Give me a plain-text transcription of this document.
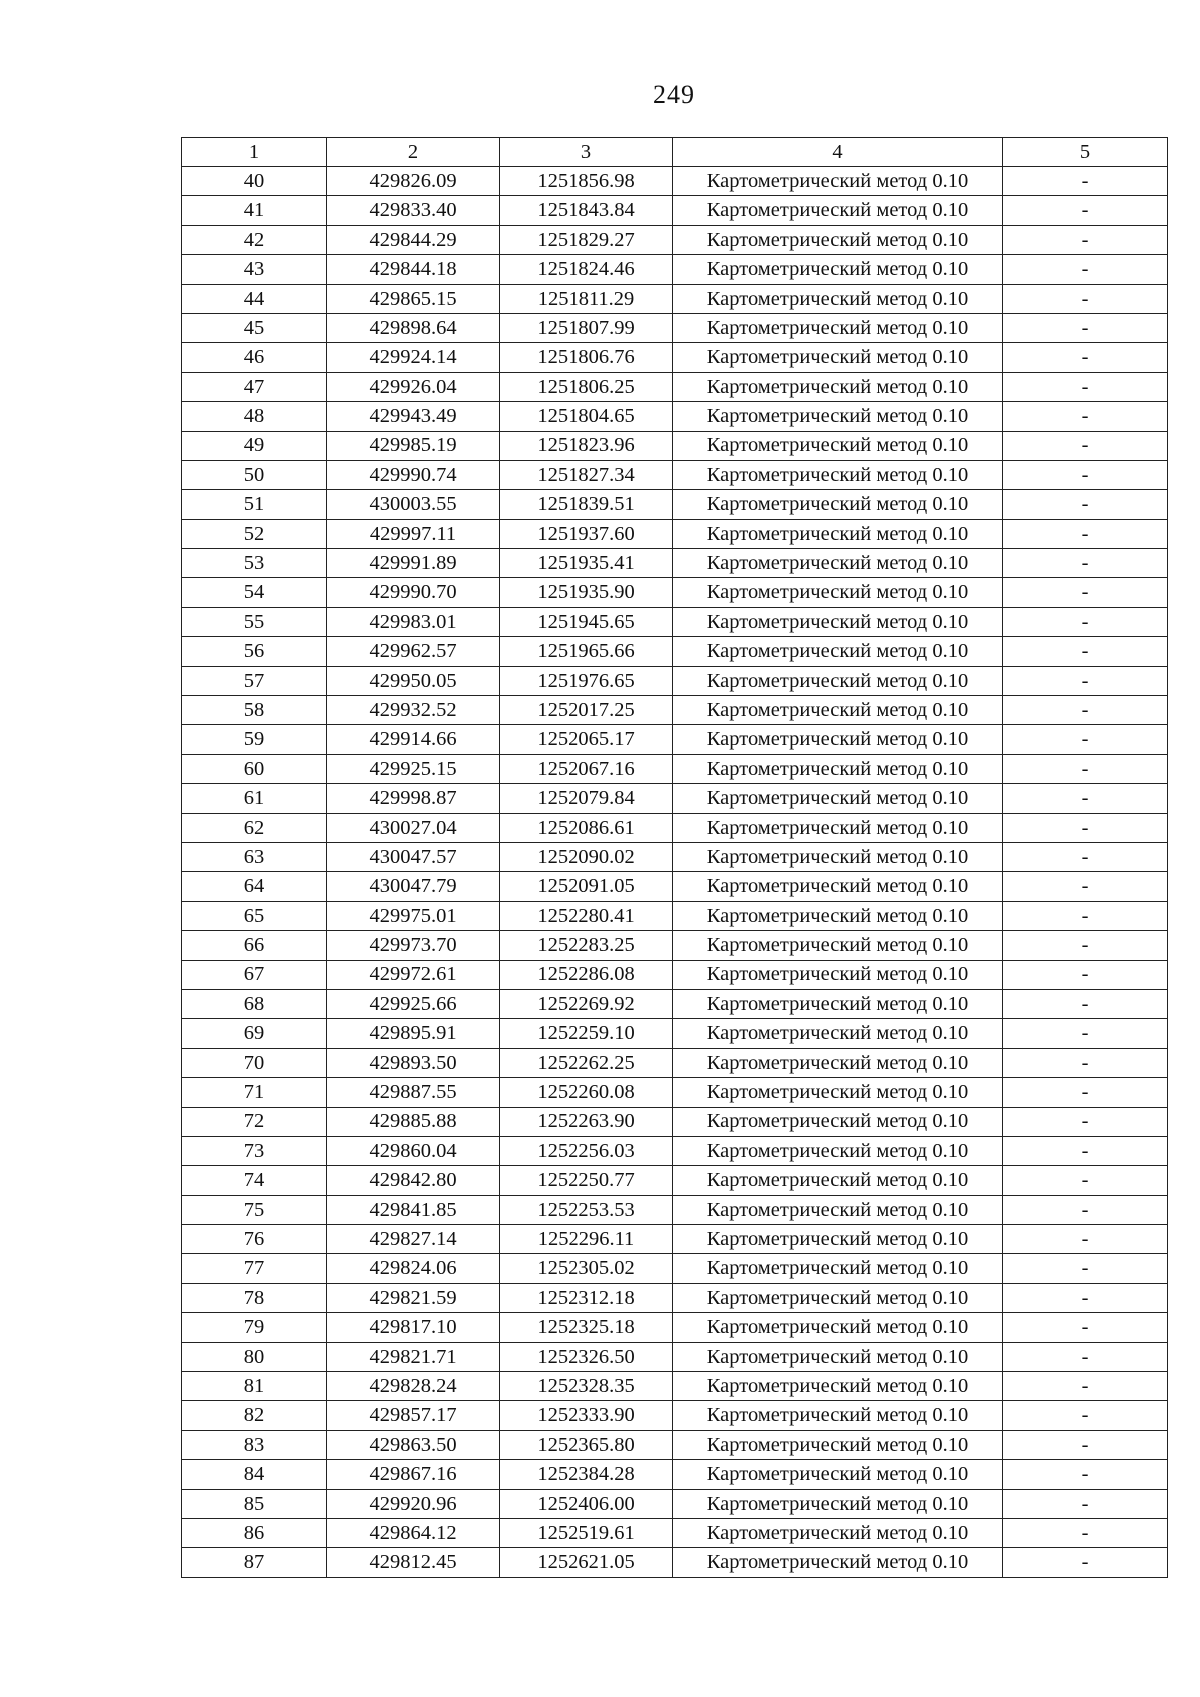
249
1	2	3	4	5
40	429826.09	1251856.98	Картометрический метод 0.10	-
41	429833.40	1251843.84	Картометрический метод 0.10	-
42	429844.29	1251829.27	Картометрический метод 0.10	-
43	429844.18	1251824.46	Картометрический метод 0.10	-
44	429865.15	1251811.29	Картометрический метод 0.10	-
45	429898.64	1251807.99	Картометрический метод 0.10	-
46	429924.14	1251806.76	Картометрический метод 0.10	-
47	429926.04	1251806.25	Картометрический метод 0.10	-
48	429943.49	1251804.65	Картометрический метод 0.10	-
49	429985.19	1251823.96	Картометрический метод 0.10	-
50	429990.74	1251827.34	Картометрический метод 0.10	-
51	430003.55	1251839.51	Картометрический метод 0.10	-
52	429997.11	1251937.60	Картометрический метод 0.10	-
53	429991.89	1251935.41	Картометрический метод 0.10	-
54	429990.70	1251935.90	Картометрический метод 0.10	-
55	429983.01	1251945.65	Картометрический метод 0.10	-
56	429962.57	1251965.66	Картометрический метод 0.10	-
57	429950.05	1251976.65	Картометрический метод 0.10	-
58	429932.52	1252017.25	Картометрический метод 0.10	-
59	429914.66	1252065.17	Картометрический метод 0.10	-
60	429925.15	1252067.16	Картометрический метод 0.10	-
61	429998.87	1252079.84	Картометрический метод 0.10	-
62	430027.04	1252086.61	Картометрический метод 0.10	-
63	430047.57	1252090.02	Картометрический метод 0.10	-
64	430047.79	1252091.05	Картометрический метод 0.10	-
65	429975.01	1252280.41	Картометрический метод 0.10	-
66	429973.70	1252283.25	Картометрический метод 0.10	-
67	429972.61	1252286.08	Картометрический метод 0.10	-
68	429925.66	1252269.92	Картометрический метод 0.10	-
69	429895.91	1252259.10	Картометрический метод 0.10	-
70	429893.50	1252262.25	Картометрический метод 0.10	-
71	429887.55	1252260.08	Картометрический метод 0.10	-
72	429885.88	1252263.90	Картометрический метод 0.10	-
73	429860.04	1252256.03	Картометрический метод 0.10	-
74	429842.80	1252250.77	Картометрический метод 0.10	-
75	429841.85	1252253.53	Картометрический метод 0.10	-
76	429827.14	1252296.11	Картометрический метод 0.10	-
77	429824.06	1252305.02	Картометрический метод 0.10	-
78	429821.59	1252312.18	Картометрический метод 0.10	-
79	429817.10	1252325.18	Картометрический метод 0.10	-
80	429821.71	1252326.50	Картометрический метод 0.10	-
81	429828.24	1252328.35	Картометрический метод 0.10	-
82	429857.17	1252333.90	Картометрический метод 0.10	-
83	429863.50	1252365.80	Картометрический метод 0.10	-
84	429867.16	1252384.28	Картометрический метод 0.10	-
85	429920.96	1252406.00	Картометрический метод 0.10	-
86	429864.12	1252519.61	Картометрический метод 0.10	-
87	429812.45	1252621.05	Картометрический метод 0.10	-
